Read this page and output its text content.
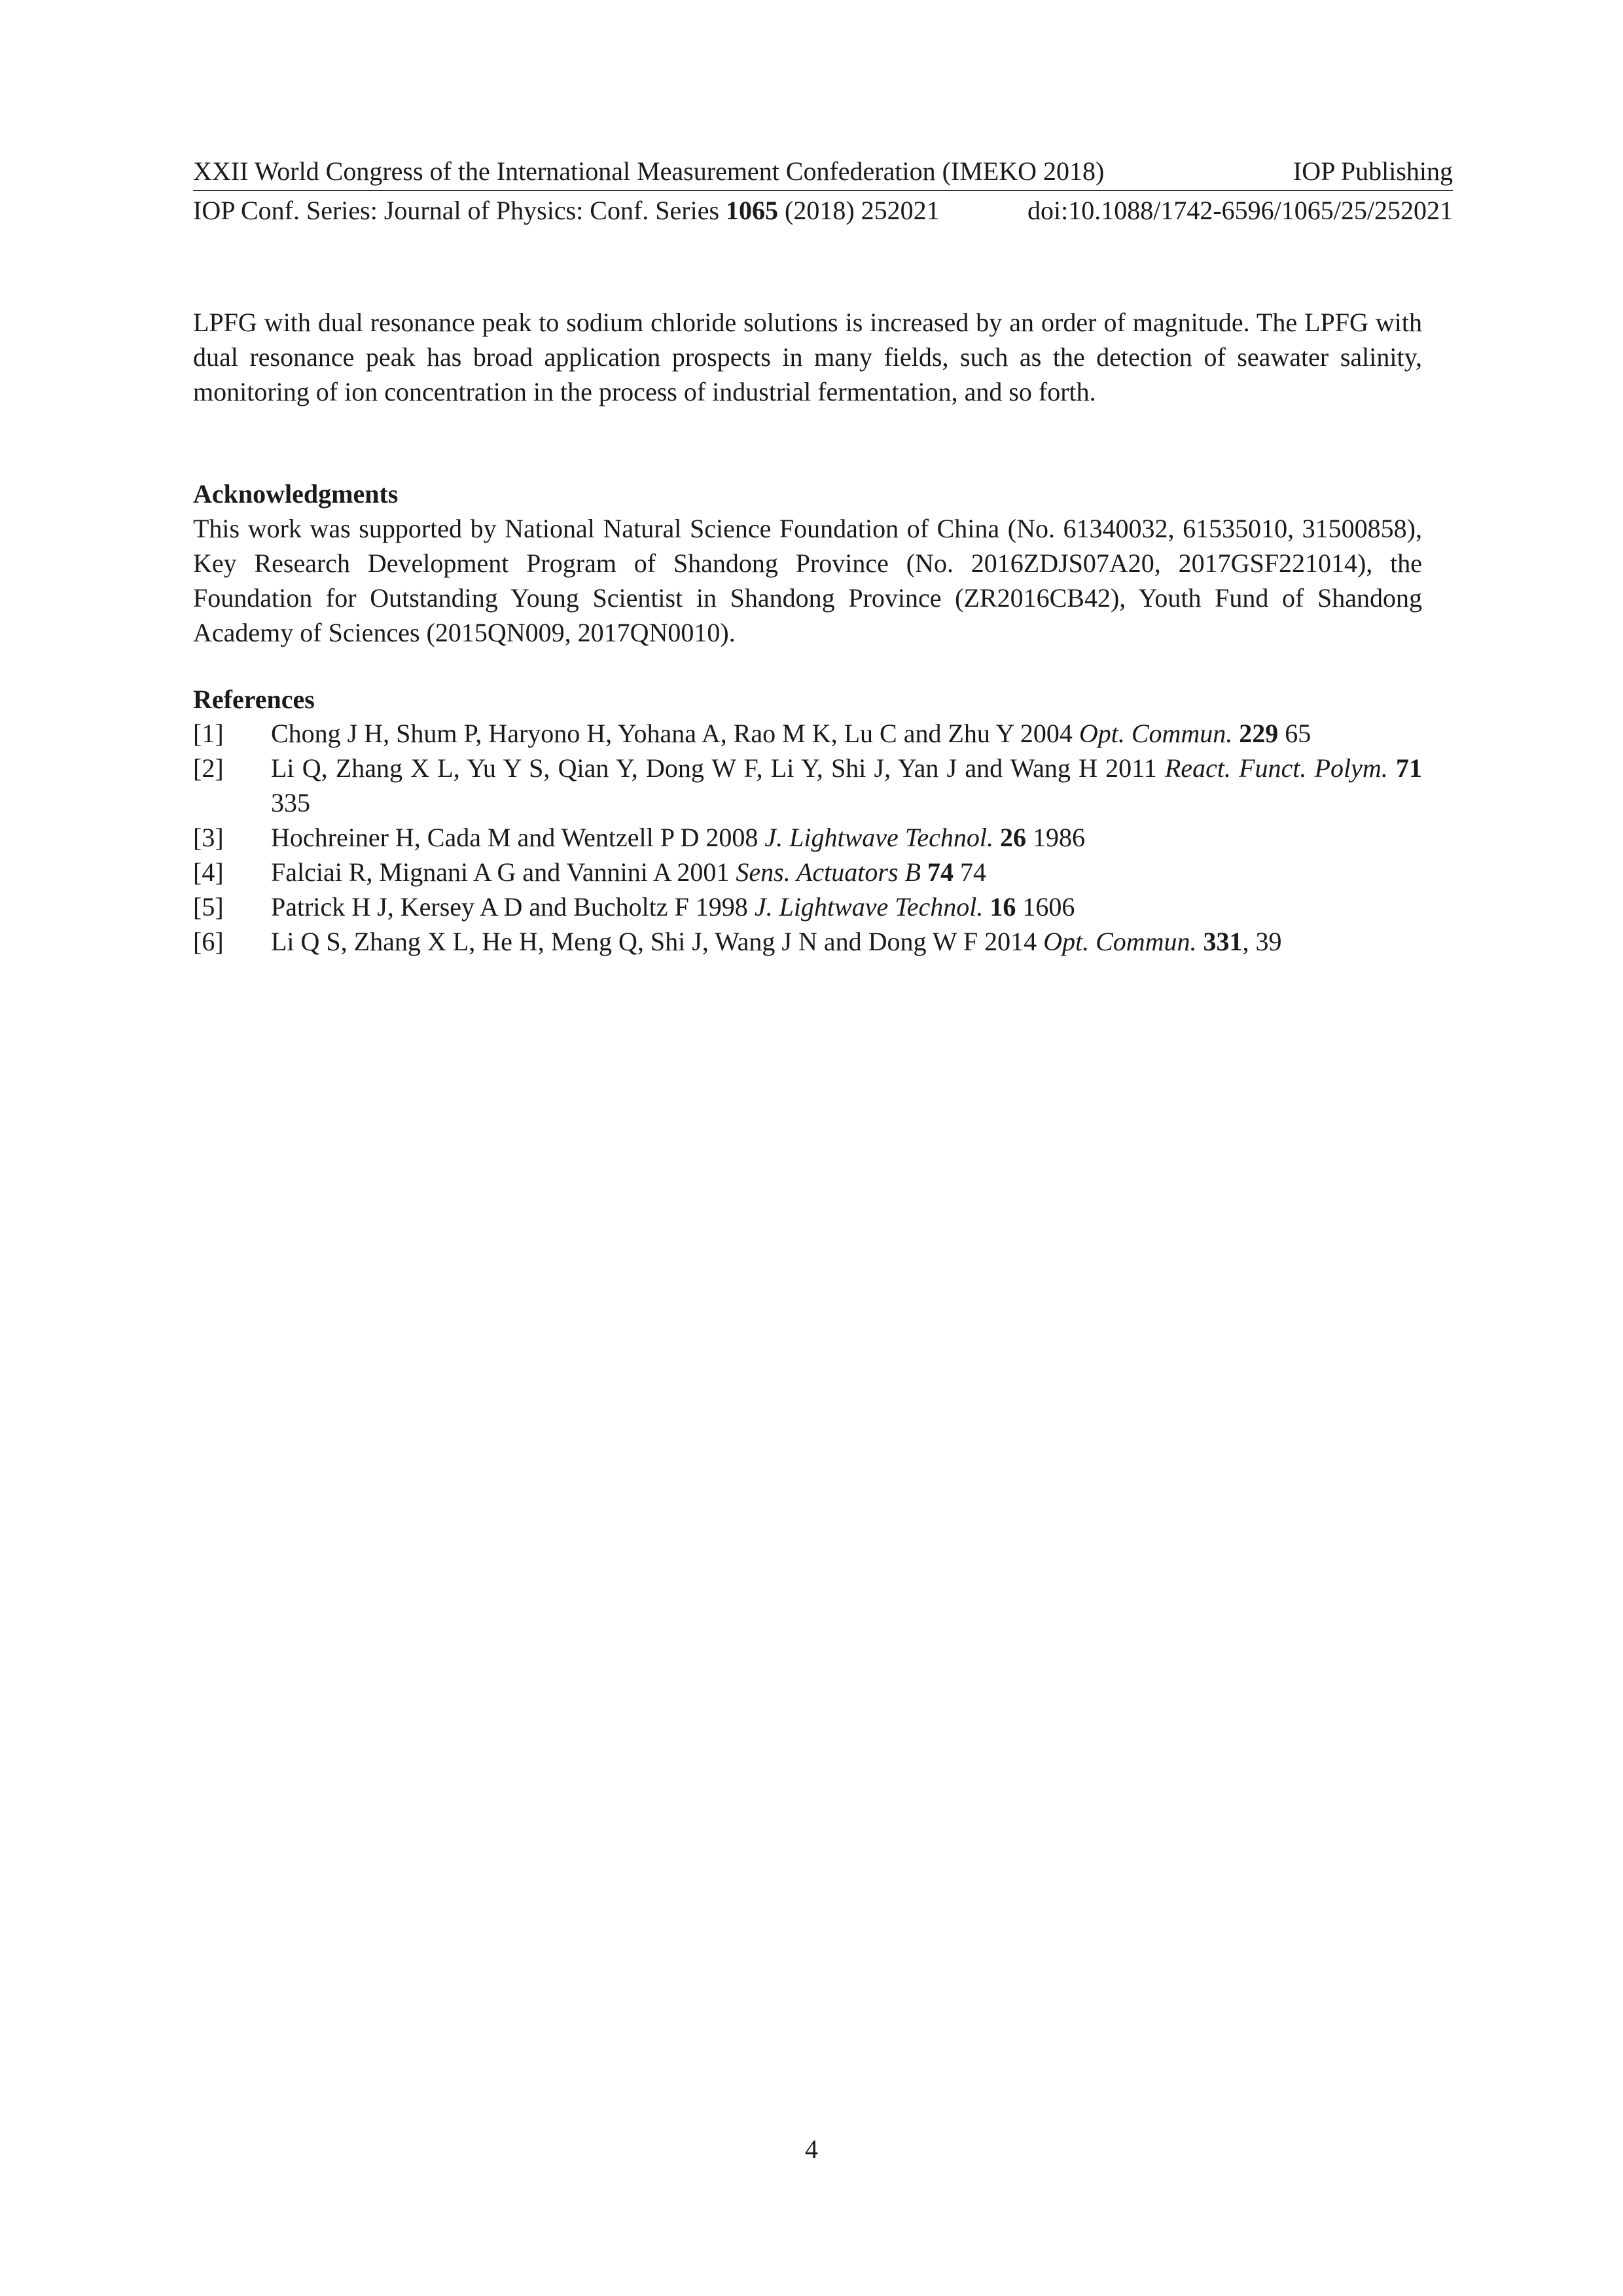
XXII World Congress of the International Measurement Confederation (IMEKO 2018)	IOP Publishing
IOP Conf. Series: Journal of Physics: Conf. Series 1065 (2018) 252021	doi:10.1088/1742-6596/1065/25/252021

LPFG with dual resonance peak to sodium chloride solutions is increased by an order of magnitude. The LPFG with dual resonance peak has broad application prospects in many fields, such as the detection of seawater salinity, monitoring of ion concentration in the process of industrial fermentation, and so forth.

Acknowledgments

This work was supported by National Natural Science Foundation of China (No. 61340032, 61535010, 31500858), Key Research Development Program of Shandong Province (No. 2016ZDJS07A20, 2017GSF221014), the Foundation for Outstanding Young Scientist in Shandong Province (ZR2016CB42), Youth Fund of Shandong Academy of Sciences (2015QN009, 2017QN0010).

References
[1]	Chong J H, Shum P, Haryono H, Yohana A, Rao M K, Lu C and Zhu Y 2004 Opt. Commun. 229 65
[2]	Li Q, Zhang X L, Yu Y S, Qian Y, Dong W F, Li Y, Shi J, Yan J and Wang H 2011 React. Funct. Polym. 71 335
[3]	Hochreiner H, Cada M and Wentzell P D 2008 J. Lightwave Technol. 26 1986
[4]	Falciai R, Mignani A G and Vannini A 2001 Sens. Actuators B 74 74
[5]	Patrick H J, Kersey A D and Bucholtz F 1998 J. Lightwave Technol. 16 1606
[6]	Li Q S, Zhang X L, He H, Meng Q, Shi J, Wang J N and Dong W F 2014 Opt. Commun. 331, 39
4
